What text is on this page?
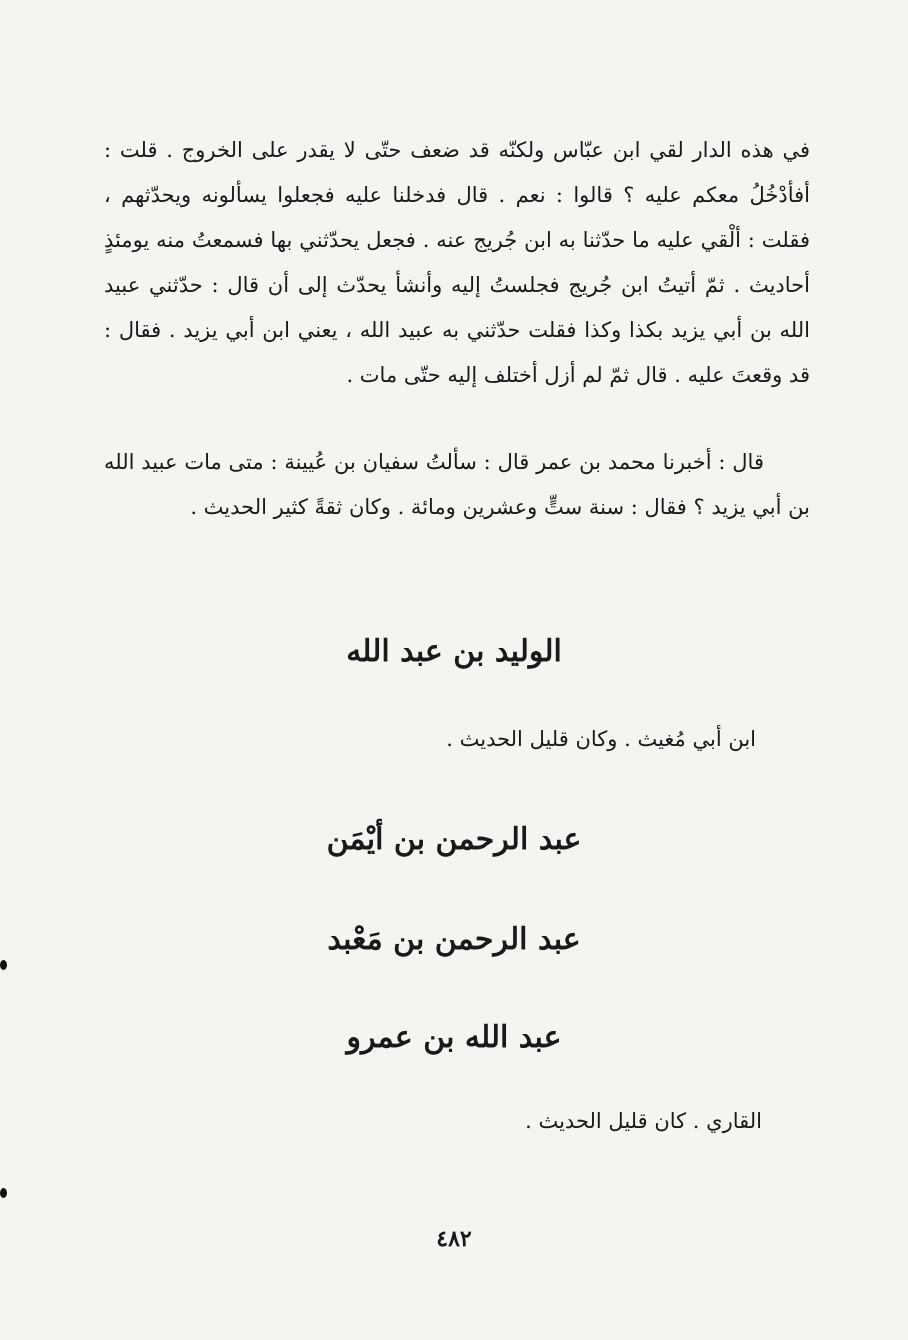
في هذه الدار لقي ابن عبّاس ولكنّه قد ضعف حتّى لا يقدر على الخروج . قلت : أفأدْخُلُ معكم عليه ؟ قالوا : نعم . قال فدخلنا عليه فجعلوا يسألونه ويحدّثهم ، فقلت : ألْقي عليه ما حدّثنا به ابن جُريج عنه . فجعل يحدّثني بها فسمعتُ منه يومئذٍ أحاديث . ثمّ أتيتُ ابن جُريج فجلستُ إليه وأنشأ يحدّث إلى أن قال : حدّثني عبيد الله بن أبي يزيد بكذا وكذا فقلت حدّثني به عبيد الله ، يعني ابن أبي يزيد . فقال : قد وقعتَ عليه . قال ثمّ لم أزل أختلف إليه حتّى مات .

قال : أخبرنا محمد بن عمر قال : سألتُ سفيان بن عُيينة : متى مات عبيد الله بن أبي يزيد ؟ فقال : سنة ستٍّ وعشرين ومائة . وكان ثقةً كثير الحديث .

الوليد بن عبد الله

ابن أبي مُغيث . وكان قليل الحديث .

عبد الرحمن بن أيْمَن
عبد الرحمن بن مَعْبد
عبد الله بن عمرو

القاري . كان قليل الحديث .

٤٨٢
